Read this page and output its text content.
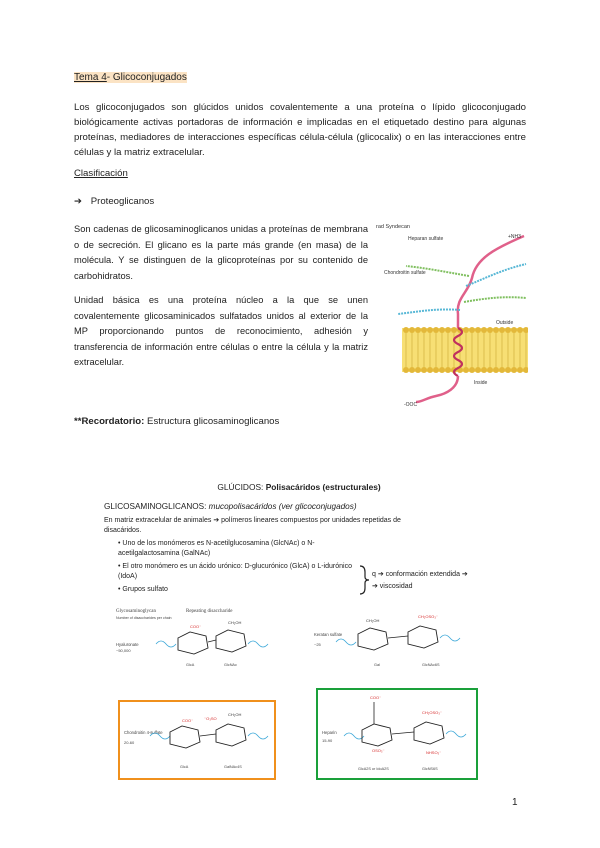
Tema 4- Glicoconjugados
Los glicoconjugados son glúcidos unidos covalentemente a una proteína o lípido glicoconjugado biológicamente activas portadoras de información e implicadas en el etiquetado destino para algunas proteínas, mediadores de interacciones específicas célula-célula (glicocalix) o en las interacciones entre células y la matriz extracelular.
Clasificación
➔ Proteoglicanos
Son cadenas de glicosaminoglicanos unidas a proteínas de membrana o de secreción. El glicano es la parte más grande (en masa) de la molécula. Y se distinguen de la glicoproteínas por su contenido de carbohidratos.
Unidad básica es una proteína núcleo a la que se unen covalentemente glicosaminicados sulfatados unidos al exterior de la MP proporcionando puntos de reconocimiento, adhesión y transferencia de información entre células o entre la célula y la matriz extracelular.
rad Syndecan
Heparan sulfate	+NH3
Chondroitin sulfate
Outside
Inside
-OOC
**Recordatorio: Estructura glicosaminoglicanos
GLÚCIDOS: Polisacáridos (estructurales)
GLICOSAMINOGLICANOS: mucopolisacáridos (ver glicoconjugados)
En matriz extracelular de animales ➔ polímeros lineares compuestos por unidades repetidas de disacáridos.
• Uno de los monómeros es N-acetilglucosamina (GlcNAc) o N-acetilgalactosamina (GalNAc)
• El otro monómero es un ácido urónico: D-glucurónico (GlcA) o L-idurónico (IdoA)
• Grupos sulfato
q ➔ conformación extendida ➔
➔ viscosidad
Glycosaminoglycan	Repeating disaccharide
Number of disaccharides per chain
Hyaluronate
~50,000
COO⁻
CH₂OH
GlcA	GlcNAc
Keratan sulfate
~25
CH₂OH
CH₂OSO₃⁻
Gal	GlcNAc6S
Chondroitin 4-sulfate
20-60
COO⁻	⁻O₃SO
CH₂OH
GlcA	GalNAc4S
Heparin
15-90
COO⁻
CH₂OSO₃⁻
OSO₃⁻	NHSO₃⁻
GlcA2S or IdoA2S	GlcNS6S
1
